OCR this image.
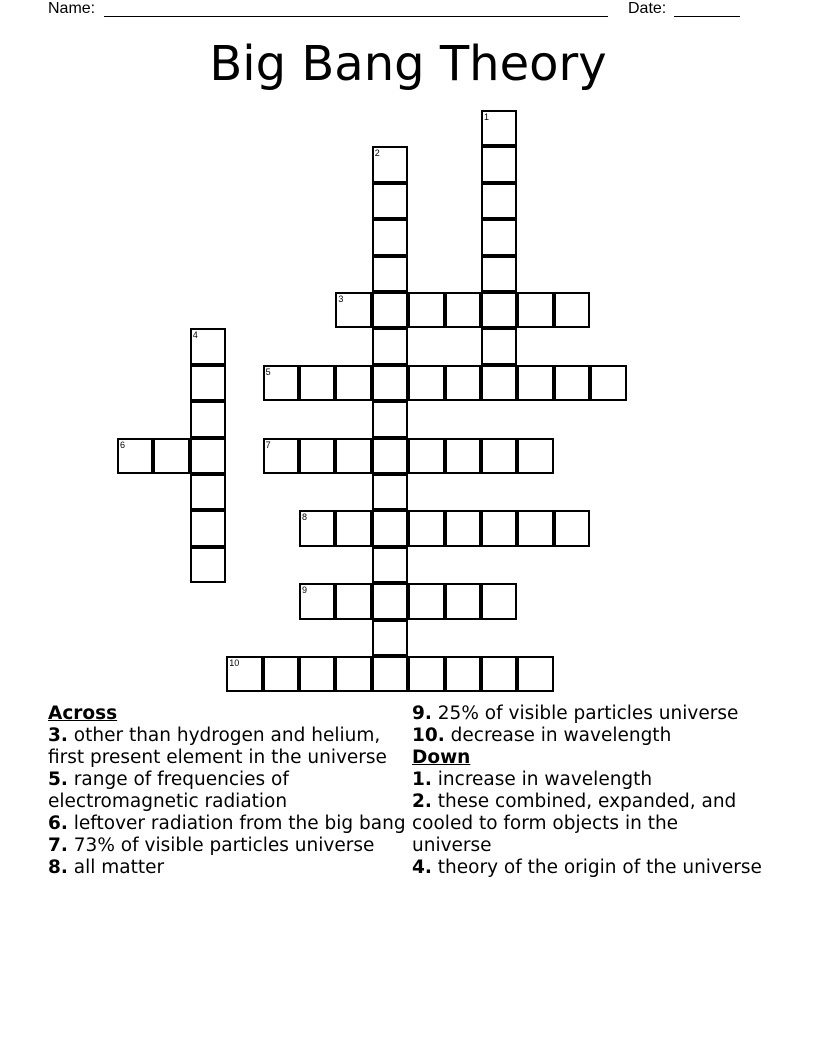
Name:	Date:
Big Bang Theory
1
2
3
4
5
6	7
8
9
10
Across
3. other than hydrogen and helium, first present element in the universe
5. range of frequencies of electromagnetic radiation
6. leftover radiation from the big bang
7. 73% of visible particles universe
8. all matter
9. 25% of visible particles universe
10. decrease in wavelength
Down
1. increase in wavelength
2. these combined, expanded, and cooled to form objects in the universe
4. theory of the origin of the universe
